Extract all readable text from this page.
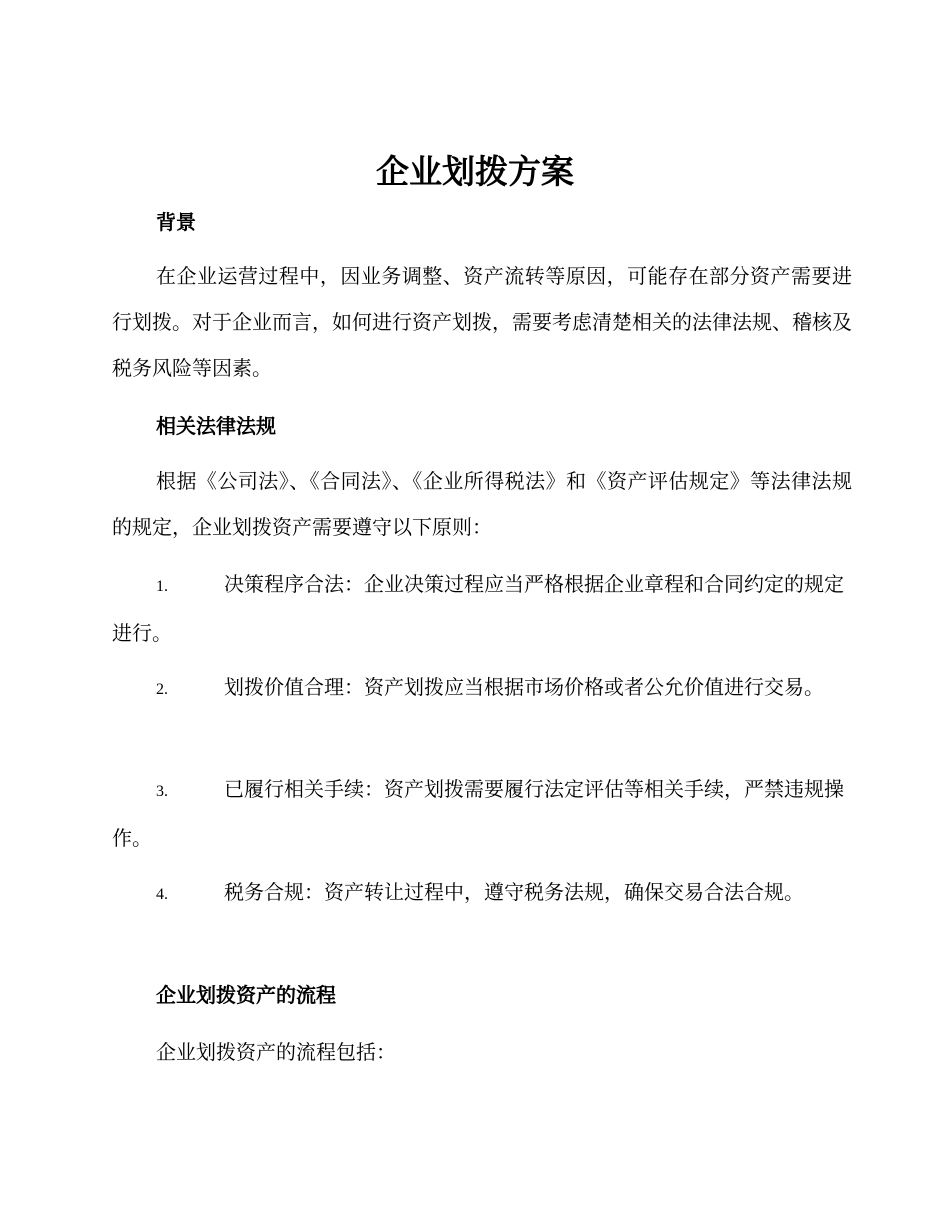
企业划拨方案
背景

在企业运营过程中，因业务调整、资产流转等原因，可能存在部分资产需要进行划拨。对于企业而言，如何进行资产划拨，需要考虑清楚相关的法律法规、稽核及税务风险等因素。

相关法律法规

根据《公司法》、《合同法》、《企业所得税法》和《资产评估规定》等法律法规的规定，企业划拨资产需要遵守以下原则：

1.	决策程序合法：企业决策过程应当严格根据企业章程和合同约定的规定进行。
2.	划拨价值合理：资产划拨应当根据市场价格或者公允价值进行交易。
3.	已履行相关手续：资产划拨需要履行法定评估等相关手续，严禁违规操作。
4.	税务合规：资产转让过程中，遵守税务法规，确保交易合法合规。
企业划拨资产的流程

企业划拨资产的流程包括：
